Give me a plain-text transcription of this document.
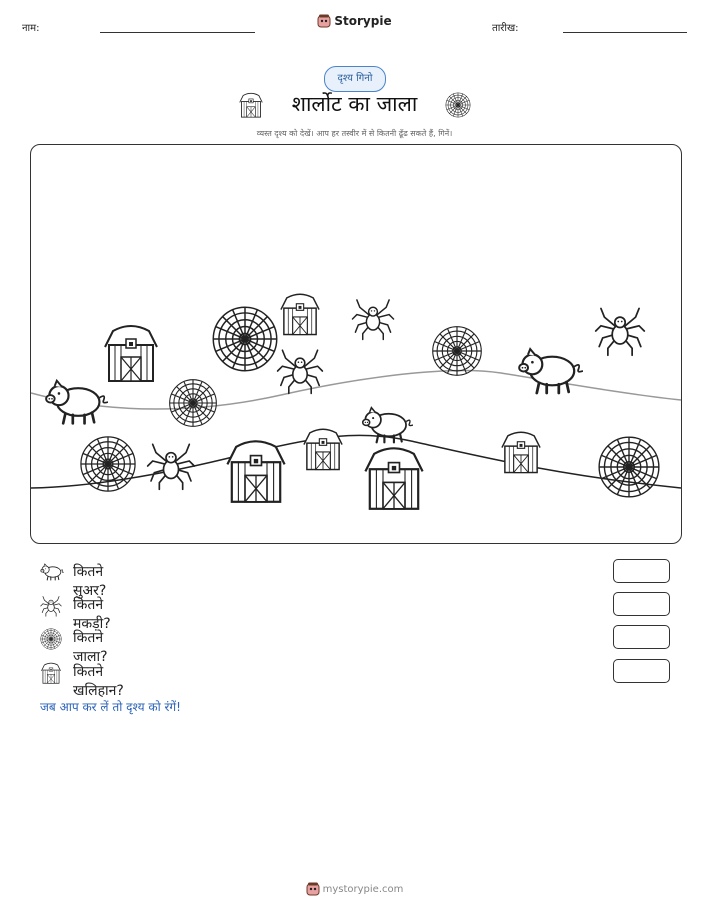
नाम:
Storypie
तारीख:
दृश्य गिनो
शार्लोट का जाला
व्यस्त दृश्य को देखें। आप हर तस्वीर में से कितनी ढूँढ सकते हैं, गिनें।
कितने सुअर?
कितने मकड़ी?
कितने जाला?
कितने खलिहान?
जब आप कर लें तो दृश्य को रंगें!
mystorypie.com
